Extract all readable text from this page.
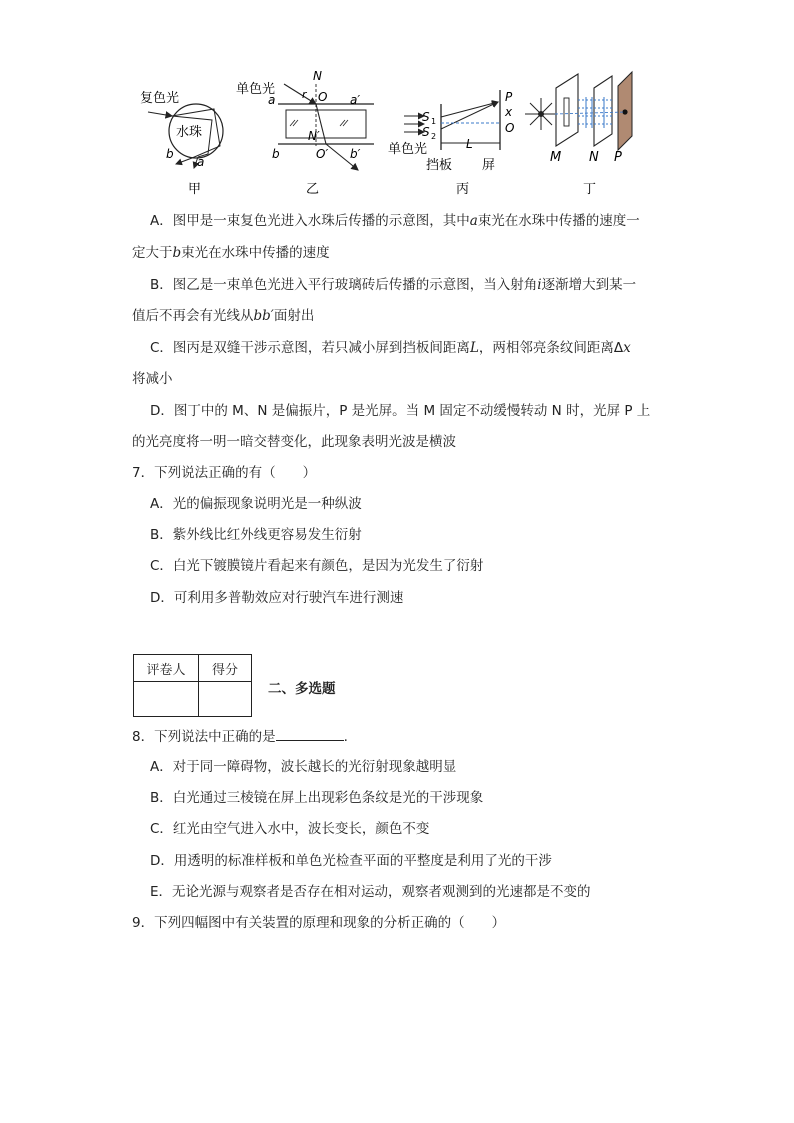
复色光
水珠
a
b
甲
单色光
N
r O
a	a′
N′
b	O′ b′
乙
S 1
S 2
P
x
O
L
单色光
挡板 屏
丙
M N P
丁
A．图甲是一束复色光进入水珠后传播的示意图，其中a束光在水珠中传播的速度一
定大于b束光在水珠中传播的速度
B．图乙是一束单色光进入平行玻璃砖后传播的示意图，当入射角i逐渐增大到某一
值后不再会有光线从bb′面射出
C．图丙是双缝干涉示意图，若只减小屏到挡板间距离L，两相邻亮条纹间距离Δx
将减小
D．图丁中的 M、N 是偏振片，P 是光屏。当 M 固定不动缓慢转动 N 时，光屏 P 上
的光亮度将一明一暗交替变化，此现象表明光波是横波
7．下列说法正确的有（　　）
A．光的偏振现象说明光是一种纵波
B．紫外线比红外线更容易发生衍射
C．白光下镀膜镜片看起来有颜色，是因为光发生了衍射
D．可利用多普勒效应对行驶汽车进行测速
评卷人	得分

二、多选题
8．下列说法中正确的是	.
A．对于同一障碍物，波长越长的光衍射现象越明显
B．白光通过三棱镜在屏上出现彩色条纹是光的干涉现象
C．红光由空气进入水中，波长变长，颜色不变
D．用透明的标准样板和单色光检查平面的平整度是利用了光的干涉
E．无论光源与观察者是否存在相对运动，观察者观测到的光速都是不变的
9．下列四幅图中有关装置的原理和现象的分析正确的（　　）
